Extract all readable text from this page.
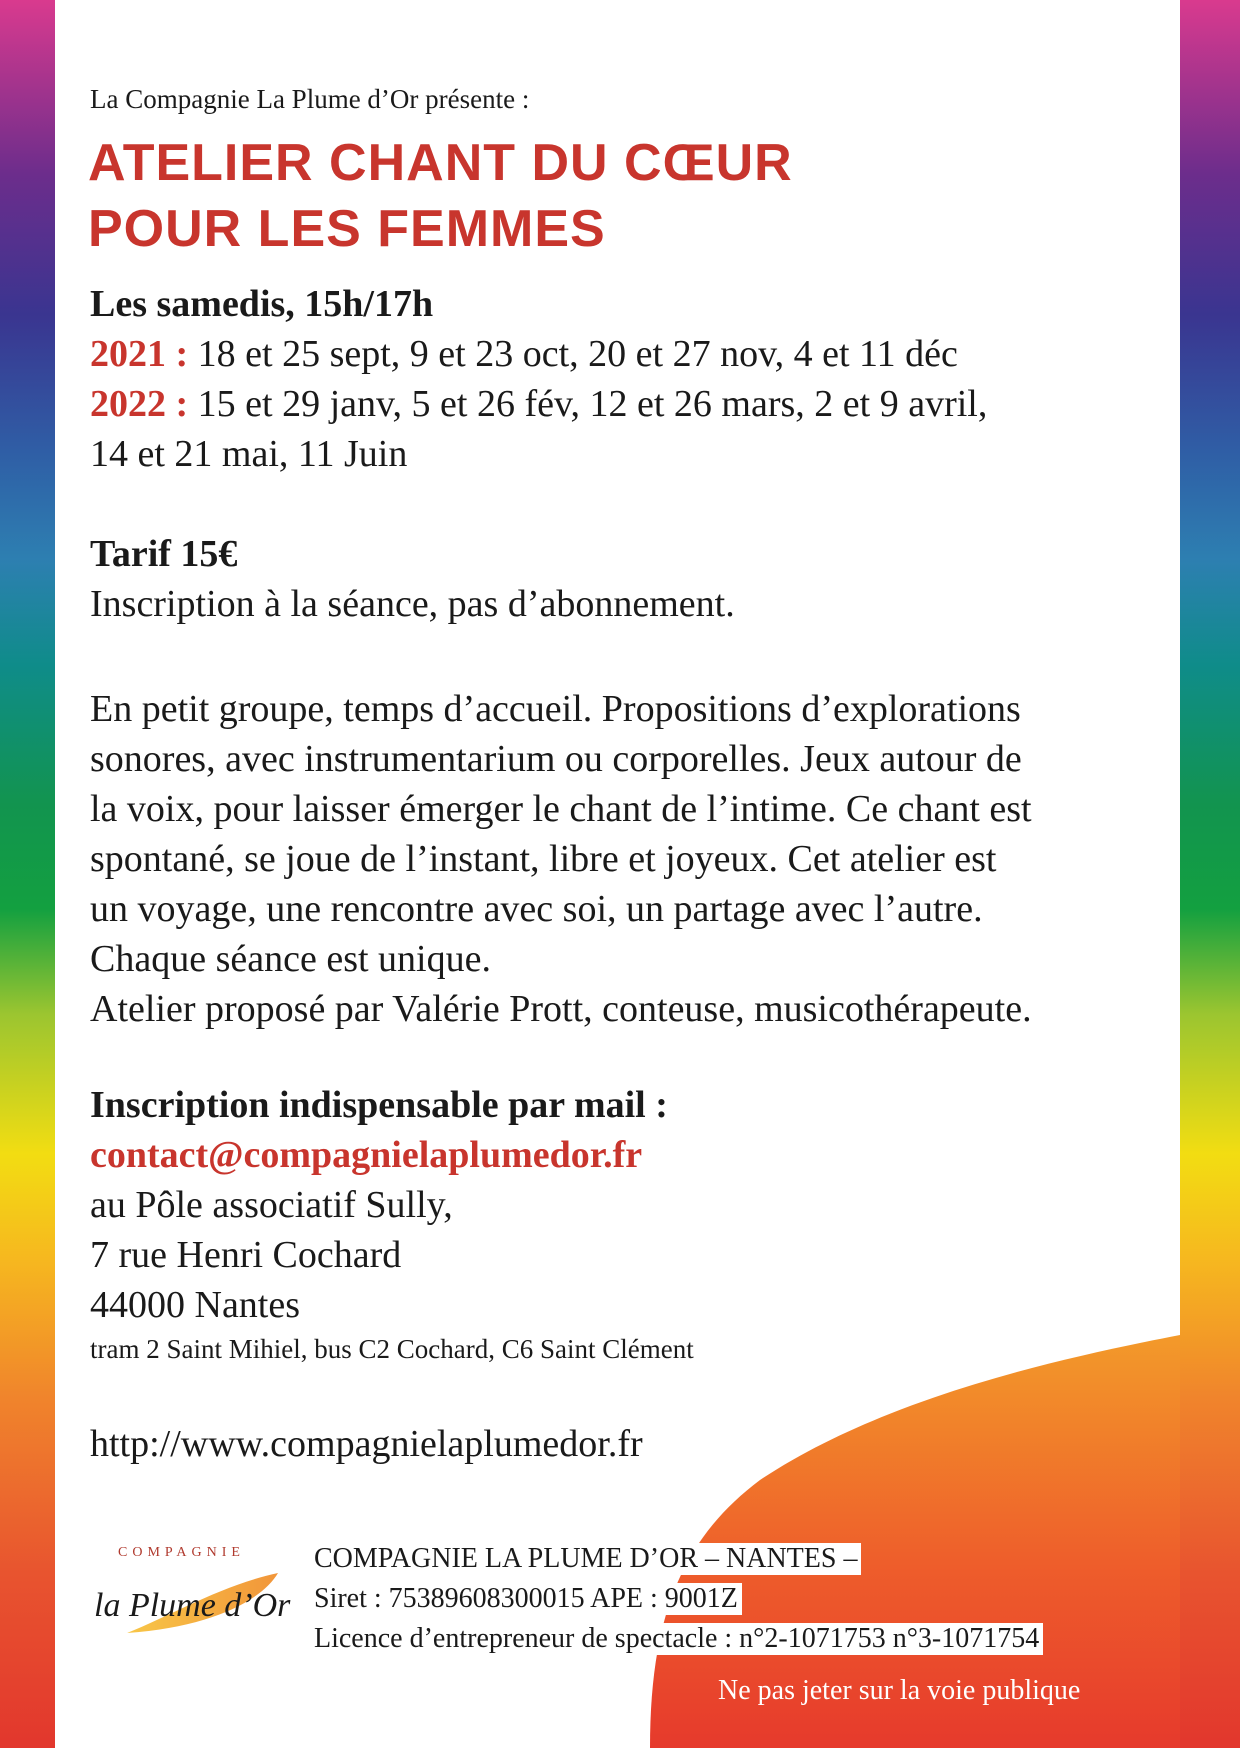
La Compagnie La Plume d’Or présente :
ATELIER CHANT DU CŒUR
POUR LES FEMMES
Les samedis, 15h/17h
2021 : 18 et 25 sept, 9 et 23 oct, 20 et 27 nov, 4 et 11 déc
2022 : 15 et 29 janv, 5 et 26 fév, 12 et 26 mars, 2 et 9 avril,
14 et 21 mai, 11 Juin
Tarif 15€
Inscription à la séance, pas d’abonnement.

En petit groupe, temps d’accueil. Propositions d’explorations

sonores, avec instrumentarium ou corporelles. Jeux autour de

la voix, pour laisser émerger le chant de l’intime. Ce chant est

spontané, se joue de l’instant, libre et joyeux. Cet atelier est

un voyage, une rencontre avec soi, un partage avec l’autre.

Chaque séance est unique.

Atelier proposé par Valérie Prott, conteuse, musicothérapeute.

Inscription indispensable par mail :
contact@compagnielaplumedor.fr
au Pôle associatif Sully,
7 rue Henri Cochard
44000 Nantes
tram 2 Saint Mihiel, bus C2 Cochard, C6 Saint Clément
http://www.compagnielaplumedor.fr
COMPAGNIE
la Plume d’Or
COMPAGNIE LA PLUME D’OR – NANTES –
Siret : 75389608300015 APE : 9001Z
Licence d’entrepreneur de spectacle : n°2-1071753 n°3-1071754
Ne pas jeter sur la voie publique
